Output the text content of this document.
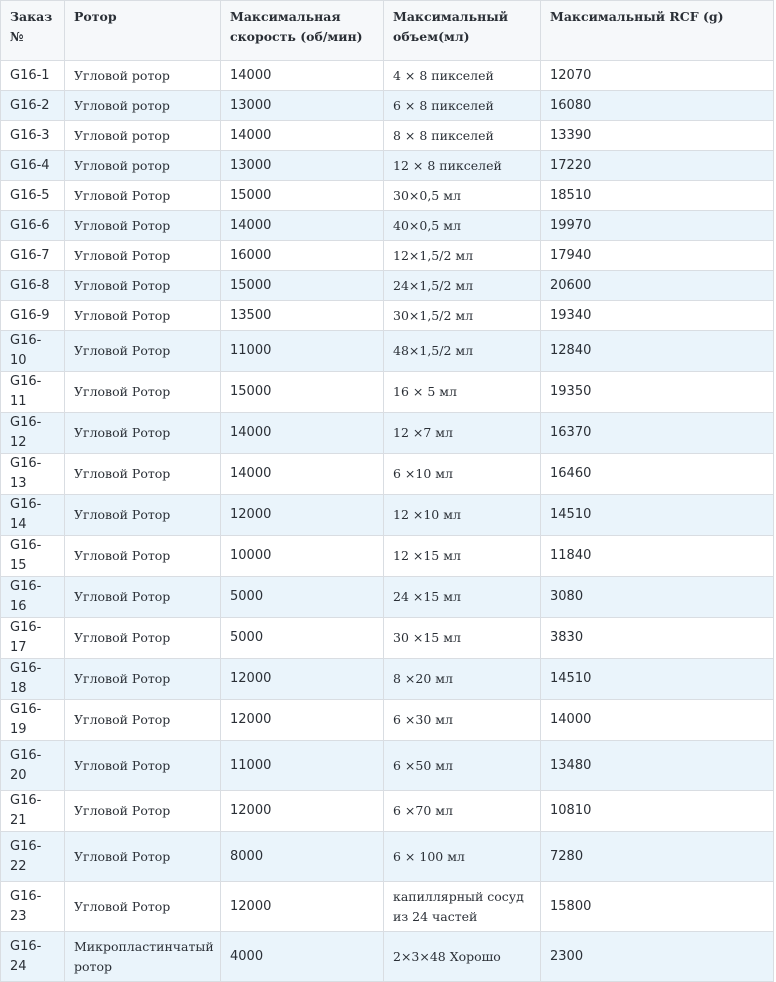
Заказ №	Ротор	Максимальная скорость (об/мин)	Максимальный объем(мл)	Максимальный RCF (g)
G16-1	Угловой ротор	14000	4 × 8 пикселей	12070
G16-2	Угловой ротор	13000	6 × 8 пикселей	16080
G16-3	Угловой ротор	14000	8 × 8 пикселей	13390
G16-4	Угловой ротор	13000	12 × 8 пикселей	17220
G16-5	Угловой Ротор	15000	30×0,5 мл	18510
G16-6	Угловой Ротор	14000	40×0,5 мл	19970
G16-7	Угловой Ротор	16000	12×1,5/2 мл	17940
G16-8	Угловой Ротор	15000	24×1,5/2 мл	20600
G16-9	Угловой Ротор	13500	30×1,5/2 мл	19340
G16-10	Угловой Ротор	11000	48×1,5/2 мл	12840
G16-11	Угловой Ротор	15000	16 × 5 мл	19350
G16-12	Угловой Ротор	14000	12 ×7 мл	16370
G16-13	Угловой Ротор	14000	6 ×10 мл	16460
G16-14	Угловой Ротор	12000	12 ×10 мл	14510
G16-15	Угловой Ротор	10000	12 ×15 мл	11840
G16-16	Угловой Ротор	5000	24 ×15 мл	3080
G16-17	Угловой Ротор	5000	30 ×15 мл	3830
G16-18	Угловой Ротор	12000	8 ×20 мл	14510
G16-19	Угловой Ротор	12000	6 ×30 мл	14000
G16-20	Угловой Ротор	11000	6 ×50 мл	13480
G16-21	Угловой Ротор	12000	6 ×70 мл	10810
G16-22	Угловой Ротор	8000	6 × 100 мл	7280
G16-23	Угловой Ротор	12000	капиллярный сосуд из 24 частей	15800
G16-24	Микропластинчатый ротор	4000	2×3×48 Хорошо	2300
